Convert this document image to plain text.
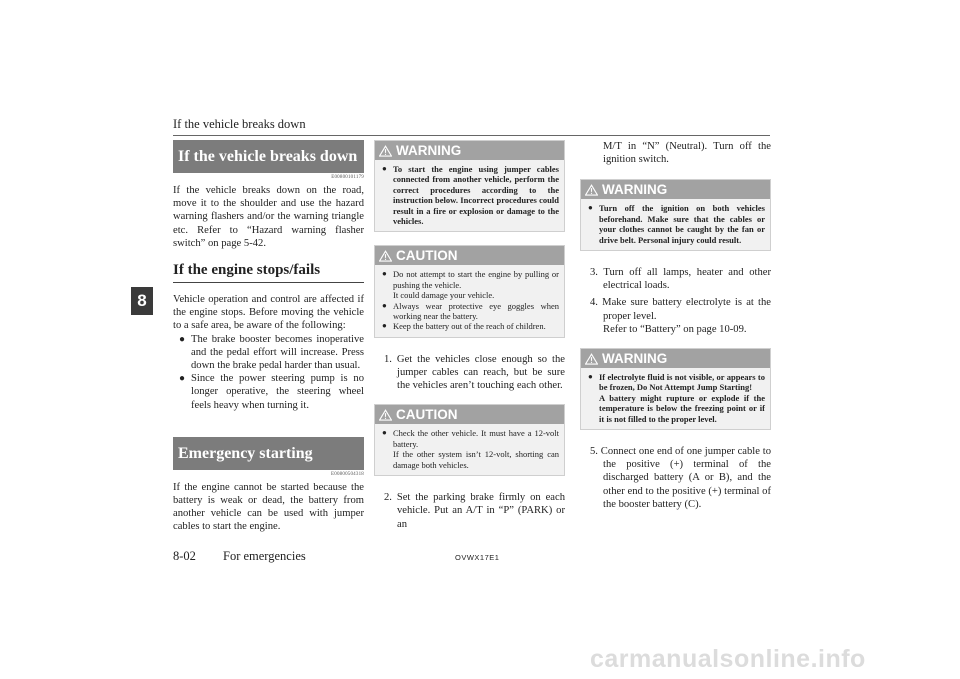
If the vehicle breaks down
8
If the vehicle breaks down
E00800101179

If the vehicle breaks down on the road, move it to the shoulder and use the hazard warning flashers and/or the warning triangle etc. Refer to “Hazard warning flasher switch” on page 5-42.

If the engine stops/fails

Vehicle operation and control are affected if the engine stops. Before moving the vehicle to a safe area, be aware of the following:

● The brake booster becomes inoperative and the pedal effort will increase. Press down the brake pedal harder than usual.
● Since the power steering pump is no longer operative, the steering wheel feels heavy when turning it.
Emergency starting
E00800504318

If the engine cannot be started because the battery is weak or dead, the battery from another vehicle can be used with jumper cables to start the engine.

WARNING
● To start the engine using jumper cables connected from another vehicle, perform the correct procedures according to the instruction below. Incorrect procedures could result in a fire or explosion or damage to the vehicles.
CAUTION
● Do not attempt to start the engine by pulling or pushing the vehicle.
It could damage your vehicle.
● Always wear protective eye goggles when working near the battery.
● Keep the battery out of the reach of children.
1. Get the vehicles close enough so the jumper cables can reach, but be sure the vehicles aren’t touching each other.
CAUTION
● Check the other vehicle. It must have a 12-volt battery.
If the other system isn’t 12-volt, shorting can damage both vehicles.
2. Set the parking brake firmly on each vehicle. Put an A/T in “P” (PARK) or an
M/T in “N” (Neutral). Turn off the ignition switch.
WARNING
● Turn off the ignition on both vehicles beforehand. Make sure that the cables or your clothes cannot be caught by the fan or drive belt. Personal injury could result.
3. Turn off all lamps, heater and other electrical loads.
4. Make sure battery electrolyte is at the proper level.
Refer to “Battery” on page 10-09.
WARNING
● If electrolyte fluid is not visible, or appears to be frozen, Do Not Attempt Jump Starting!
A battery might rupture or explode if the temperature is below the freezing point or if it is not filled to the proper level.
5. Connect one end of one jumper cable to the positive (+) terminal of the discharged battery (A or B), and the other end to the positive (+) terminal of the booster battery (C).
8-02 For emergencies	OVWX17E1
carmanualsonline.info
